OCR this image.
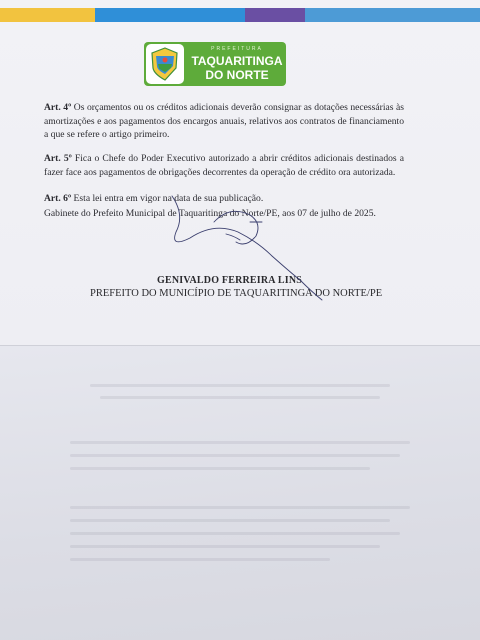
PREFEITURA
TAQUARITINGA
DO NORTE
Art. 4º Os orçamentos ou os créditos adicionais deverão consignar as dotações necessárias às amortizações e aos pagamentos dos encargos anuais, relativos aos contratos de financiamento a que se refere o artigo primeiro.
Art. 5º Fica o Chefe do Poder Executivo autorizado a abrir créditos adicionais destinados a fazer face aos pagamentos de obrigações decorrentes da operação de crédito ora autorizada.
Art. 6º Esta lei entra em vigor na data de sua publicação.
Gabinete do Prefeito Municipal de Taquaritinga do Norte/PE, aos 07 de julho de 2025.
GENIVALDO FERREIRA LINS
PREFEITO DO MUNICÍPIO DE TAQUARITINGA DO NORTE/PE
